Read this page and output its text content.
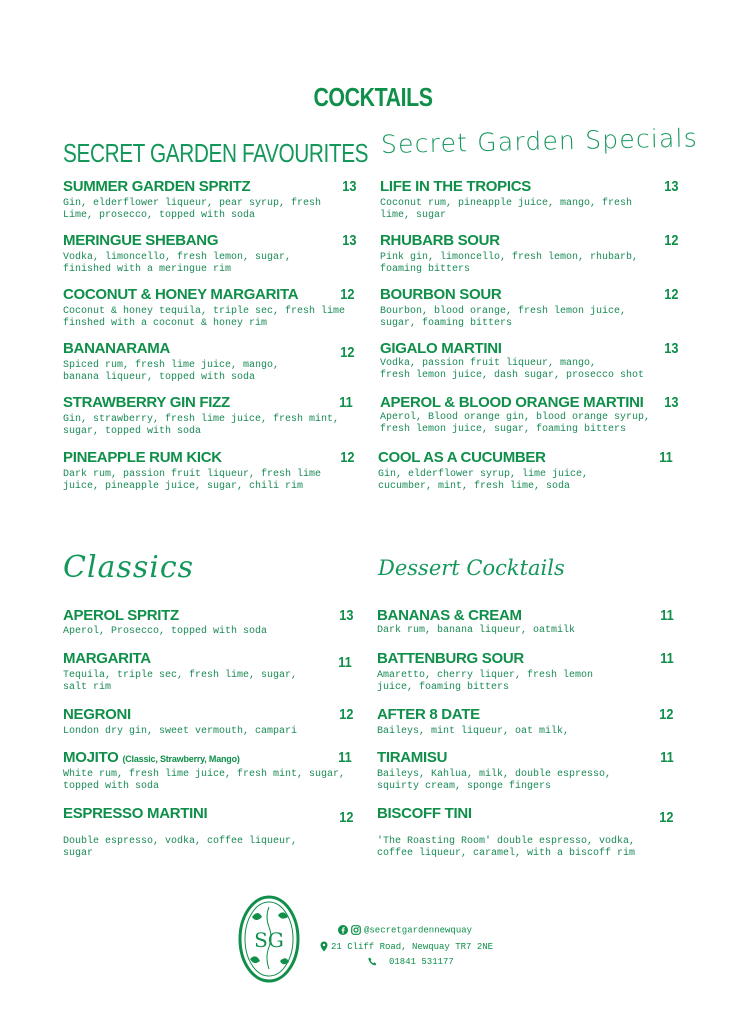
COCKTAILS
SECRET GARDEN FAVOURITES Secret Garden Specials
Classics	Dessert Cocktails
SUMMER GARDEN SPRITZ	13
Gin, elderflower liqueur, pear syrup, fresh
Lime, prosecco, topped with soda
MERINGUE SHEBANG	13
Vodka, limoncello, fresh lemon, sugar,
finished with a meringue rim
COCONUT & HONEY MARGARITA	12
Coconut & honey tequila, triple sec, fresh lime
finshed with a coconut & honey rim
BANANARAMA	12
Spiced rum, fresh lime juice, mango,
banana liqueur, topped with soda
STRAWBERRY GIN FIZZ	11
Gin, strawberry, fresh lime juice, fresh mint,
sugar, topped with soda
PINEAPPLE RUM KICK	12
Dark rum, passion fruit liqueur, fresh lime
juice, pineapple juice, sugar, chili rim
LIFE IN THE TROPICS	13
Coconut rum, pineapple juice, mango, fresh
lime, sugar
RHUBARB SOUR	12
Pink gin, limoncello, fresh lemon, rhubarb,
foaming bitters
BOURBON SOUR	12
Bourbon, blood orange, fresh lemon juice,
sugar, foaming bitters
GIGALO MARTINI	13
Vodka, passion fruit liqueur, mango,
fresh lemon juice, dash sugar, prosecco shot
APEROL & BLOOD ORANGE MARTINI	13
Aperol, Blood orange gin, blood orange syrup,
fresh lemon juice, sugar, foaming bitters
COOL AS A CUCUMBER	11
Gin, elderflower syrup, lime juice,
cucumber, mint, fresh lime, soda
APEROL SPRITZ	13
Aperol, Prosecco, topped with soda
MARGARITA	11
Tequila, triple sec, fresh lime, sugar,
salt rim
NEGRONI	12
London dry gin, sweet vermouth, campari
MOJITO (Classic, Strawberry, Mango)	11
White rum, fresh lime juice, fresh mint, sugar,
topped with soda
ESPRESSO MARTINI	12
Double espresso, vodka, coffee liqueur,
sugar
BANANAS & CREAM	11
Dark rum, banana liqueur, oatmilk
BATTENBURG SOUR	11
Amaretto, cherry liquer, fresh lemon
juice, foaming bitters
AFTER 8 DATE	12
Baileys, mint liqueur, oat milk,
TIRAMISU	11
Baileys, Kahlua, milk, double espresso,
squirty cream, sponge fingers
BISCOFF TINI	12
'The Roasting Room' double espresso, vodka,
coffee liqueur, caramel, with a biscoff rim
SG	@secretgardennewquay
21 Cliff Road, Newquay TR7 2NE
01841 531177
